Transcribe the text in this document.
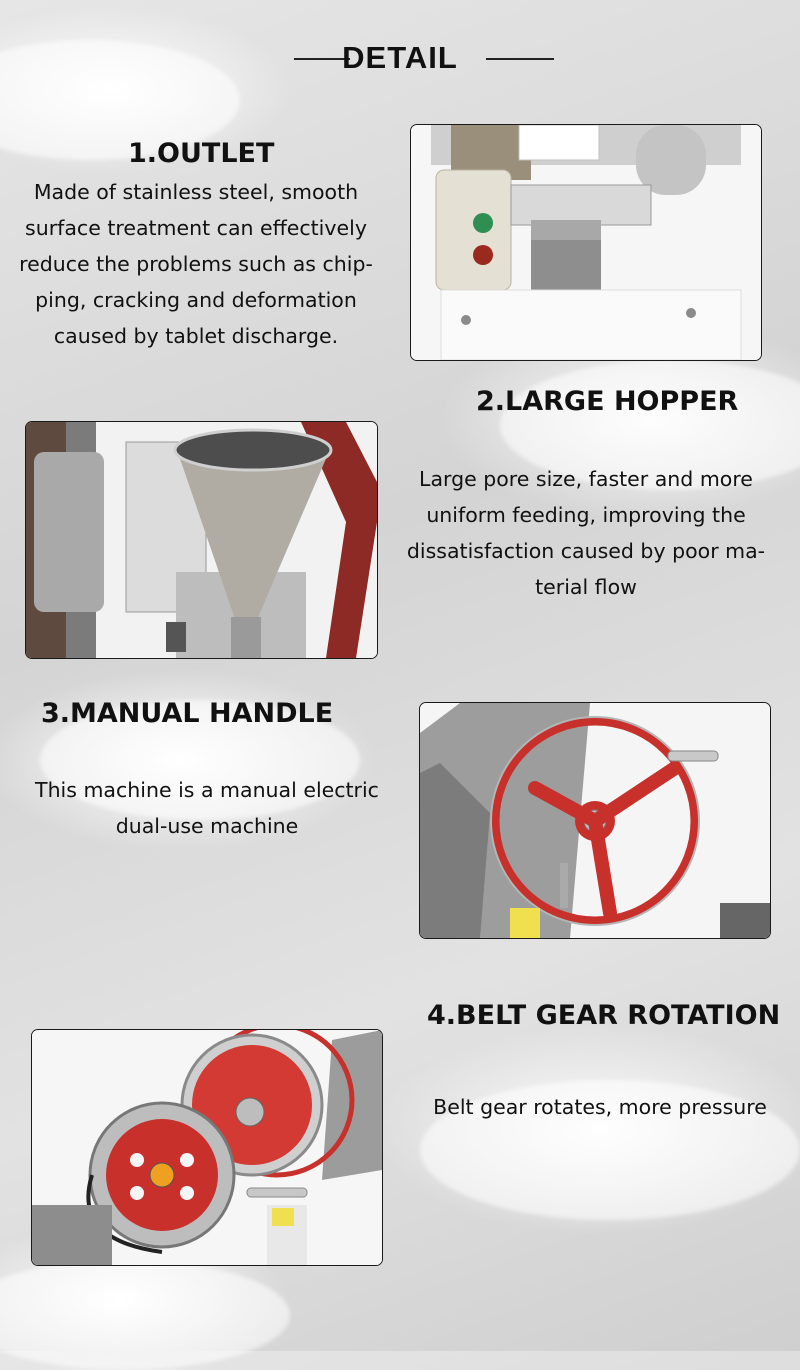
DETAIL
1.OUTLET
Made of stainless steel, smooth
surface treatment can effectively
reduce the problems such as chip-
ping, cracking and deformation
caused by tablet discharge.
2.LARGE HOPPER
Large pore size, faster and more
uniform feeding, improving the
dissatisfaction caused by poor ma-
terial flow
3.MANUAL HANDLE
This machine is a manual electric
dual-use machine
4.BELT GEAR ROTATION
Belt gear rotates, more pressure
